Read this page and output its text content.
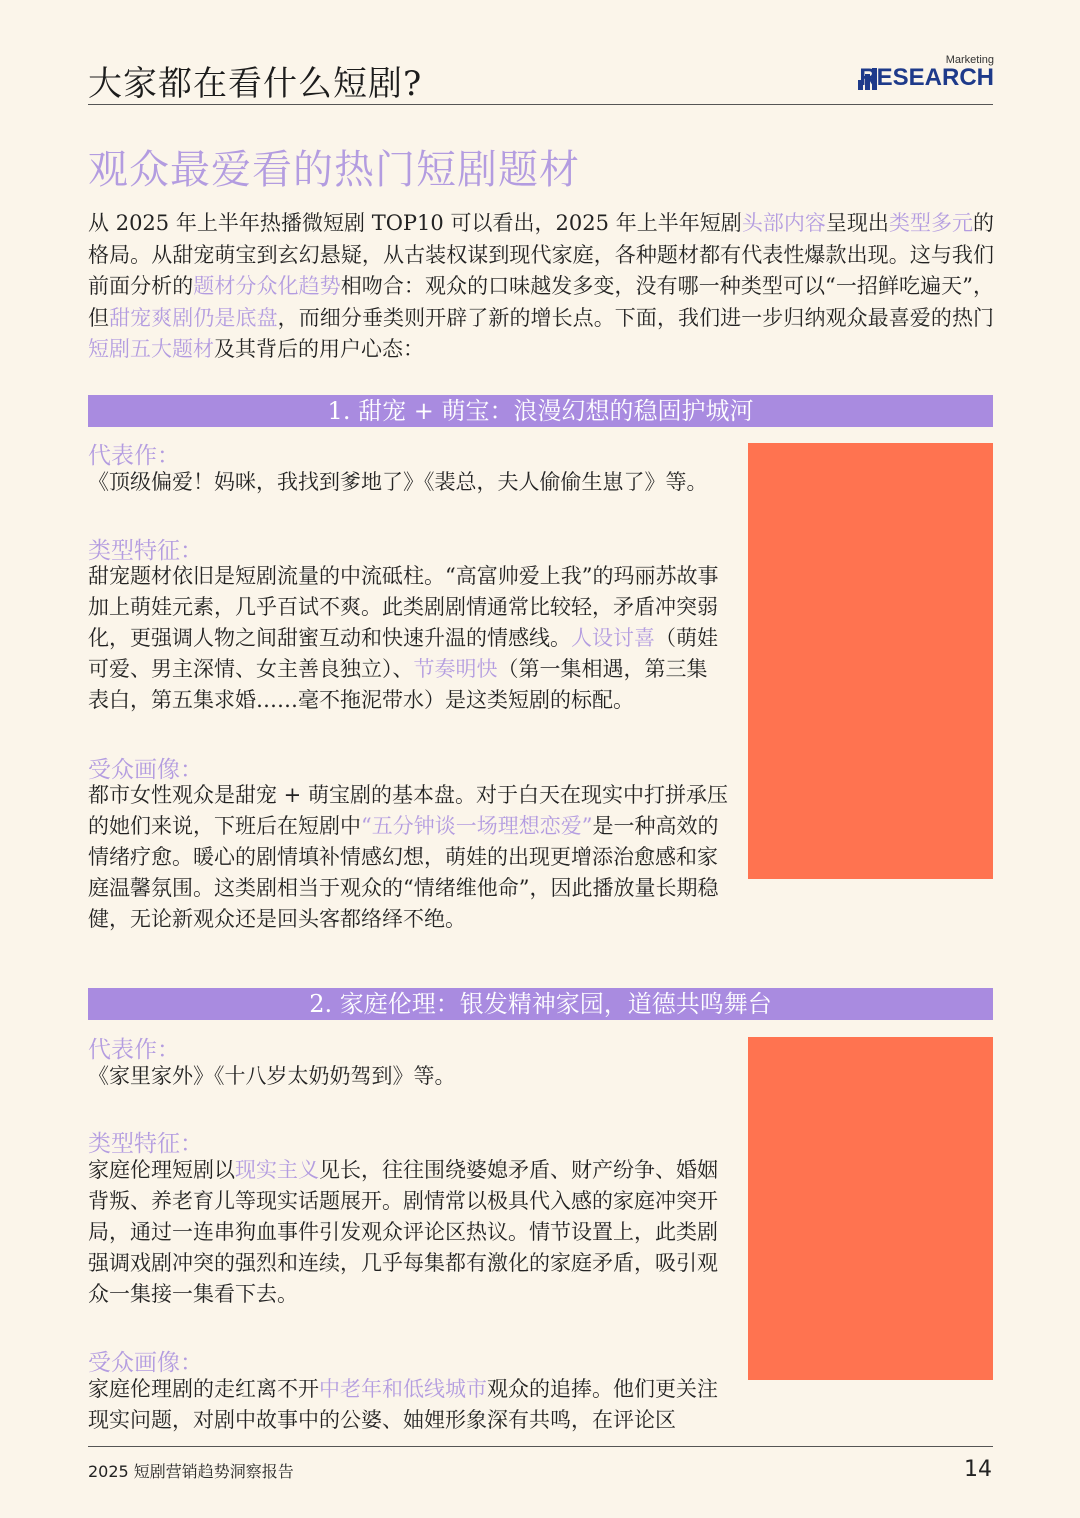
大家都在看什么短剧?
Marketing
RESEARCH
观众最爱看的热门短剧题材
从 2025 年上半年热播微短剧 TOP10 可以看出，2025 年上半年短剧头部内容呈现出类型多元的格局。从甜宠萌宝到玄幻悬疑，从古装权谋到现代家庭，各种题材都有代表性爆款出现。这与我们前面分析的题材分众化趋势相吻合：观众的口味越发多变，没有哪一种类型可以“一招鲜吃遍天”，但甜宠爽剧仍是底盘，而细分垂类则开辟了新的增长点。下面，我们进一步归纳观众最喜爱的热门短剧五大题材及其背后的用户心态：
1. 甜宠 + 萌宝：浪漫幻想的稳固护城河
代表作：
《顶级偏爱！妈咪，我找到爹地了》《裴总，夫人偷偷生崽了》等。
类型特征：
甜宠题材依旧是短剧流量的中流砥柱。“高富帅爱上我”的玛丽苏故事加上萌娃元素，几乎百试不爽。此类剧剧情通常比较轻，矛盾冲突弱化，更强调人物之间甜蜜互动和快速升温的情感线。人设讨喜（萌娃可爱、男主深情、女主善良独立）、节奏明快（第一集相遇，第三集表白，第五集求婚……毫不拖泥带水）是这类短剧的标配。
受众画像：
都市女性观众是甜宠 + 萌宝剧的基本盘。对于白天在现实中打拼承压的她们来说，下班后在短剧中“五分钟谈一场理想恋爱”是一种高效的情绪疗愈。暖心的剧情填补情感幻想，萌娃的出现更增添治愈感和家庭温馨氛围。这类剧相当于观众的“情绪维他命”，因此播放量长期稳健，无论新观众还是回头客都络绎不绝。
2. 家庭伦理：银发精神家园，道德共鸣舞台
代表作：
《家里家外》《十八岁太奶奶驾到》等。
类型特征：
家庭伦理短剧以现实主义见长，往往围绕婆媳矛盾、财产纷争、婚姻背叛、养老育儿等现实话题展开。剧情常以极具代入感的家庭冲突开局，通过一连串狗血事件引发观众评论区热议。情节设置上，此类剧强调戏剧冲突的强烈和连续，几乎每集都有激化的家庭矛盾，吸引观众一集接一集看下去。
受众画像：
家庭伦理剧的走红离不开中老年和低线城市观众的追捧。他们更关注现实问题，对剧中故事中的公婆、妯娌形象深有共鸣，在评论区
2025 短剧营销趋势洞察报告	14
